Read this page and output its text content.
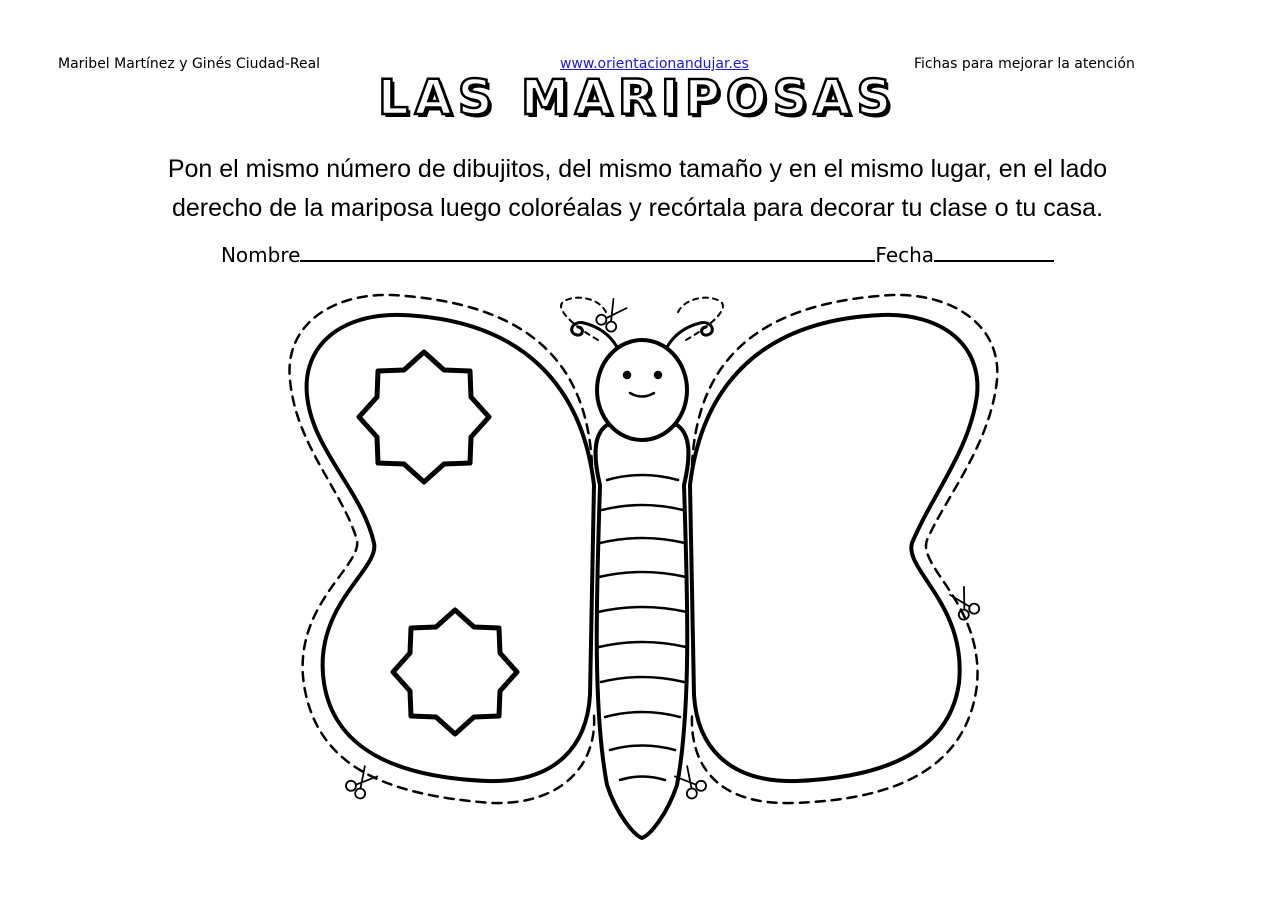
Maribel Martínez y Ginés Ciudad-Real	www.orientacionandujar.es	Fichas para mejorar la atención
LAS MARIPOSAS
Pon el mismo número de dibujitos, del mismo tamaño y en el mismo lugar, en el lado
derecho de la mariposa luego coloréalas y recórtala para decorar tu clase o tu casa.
Nombre	Fecha
